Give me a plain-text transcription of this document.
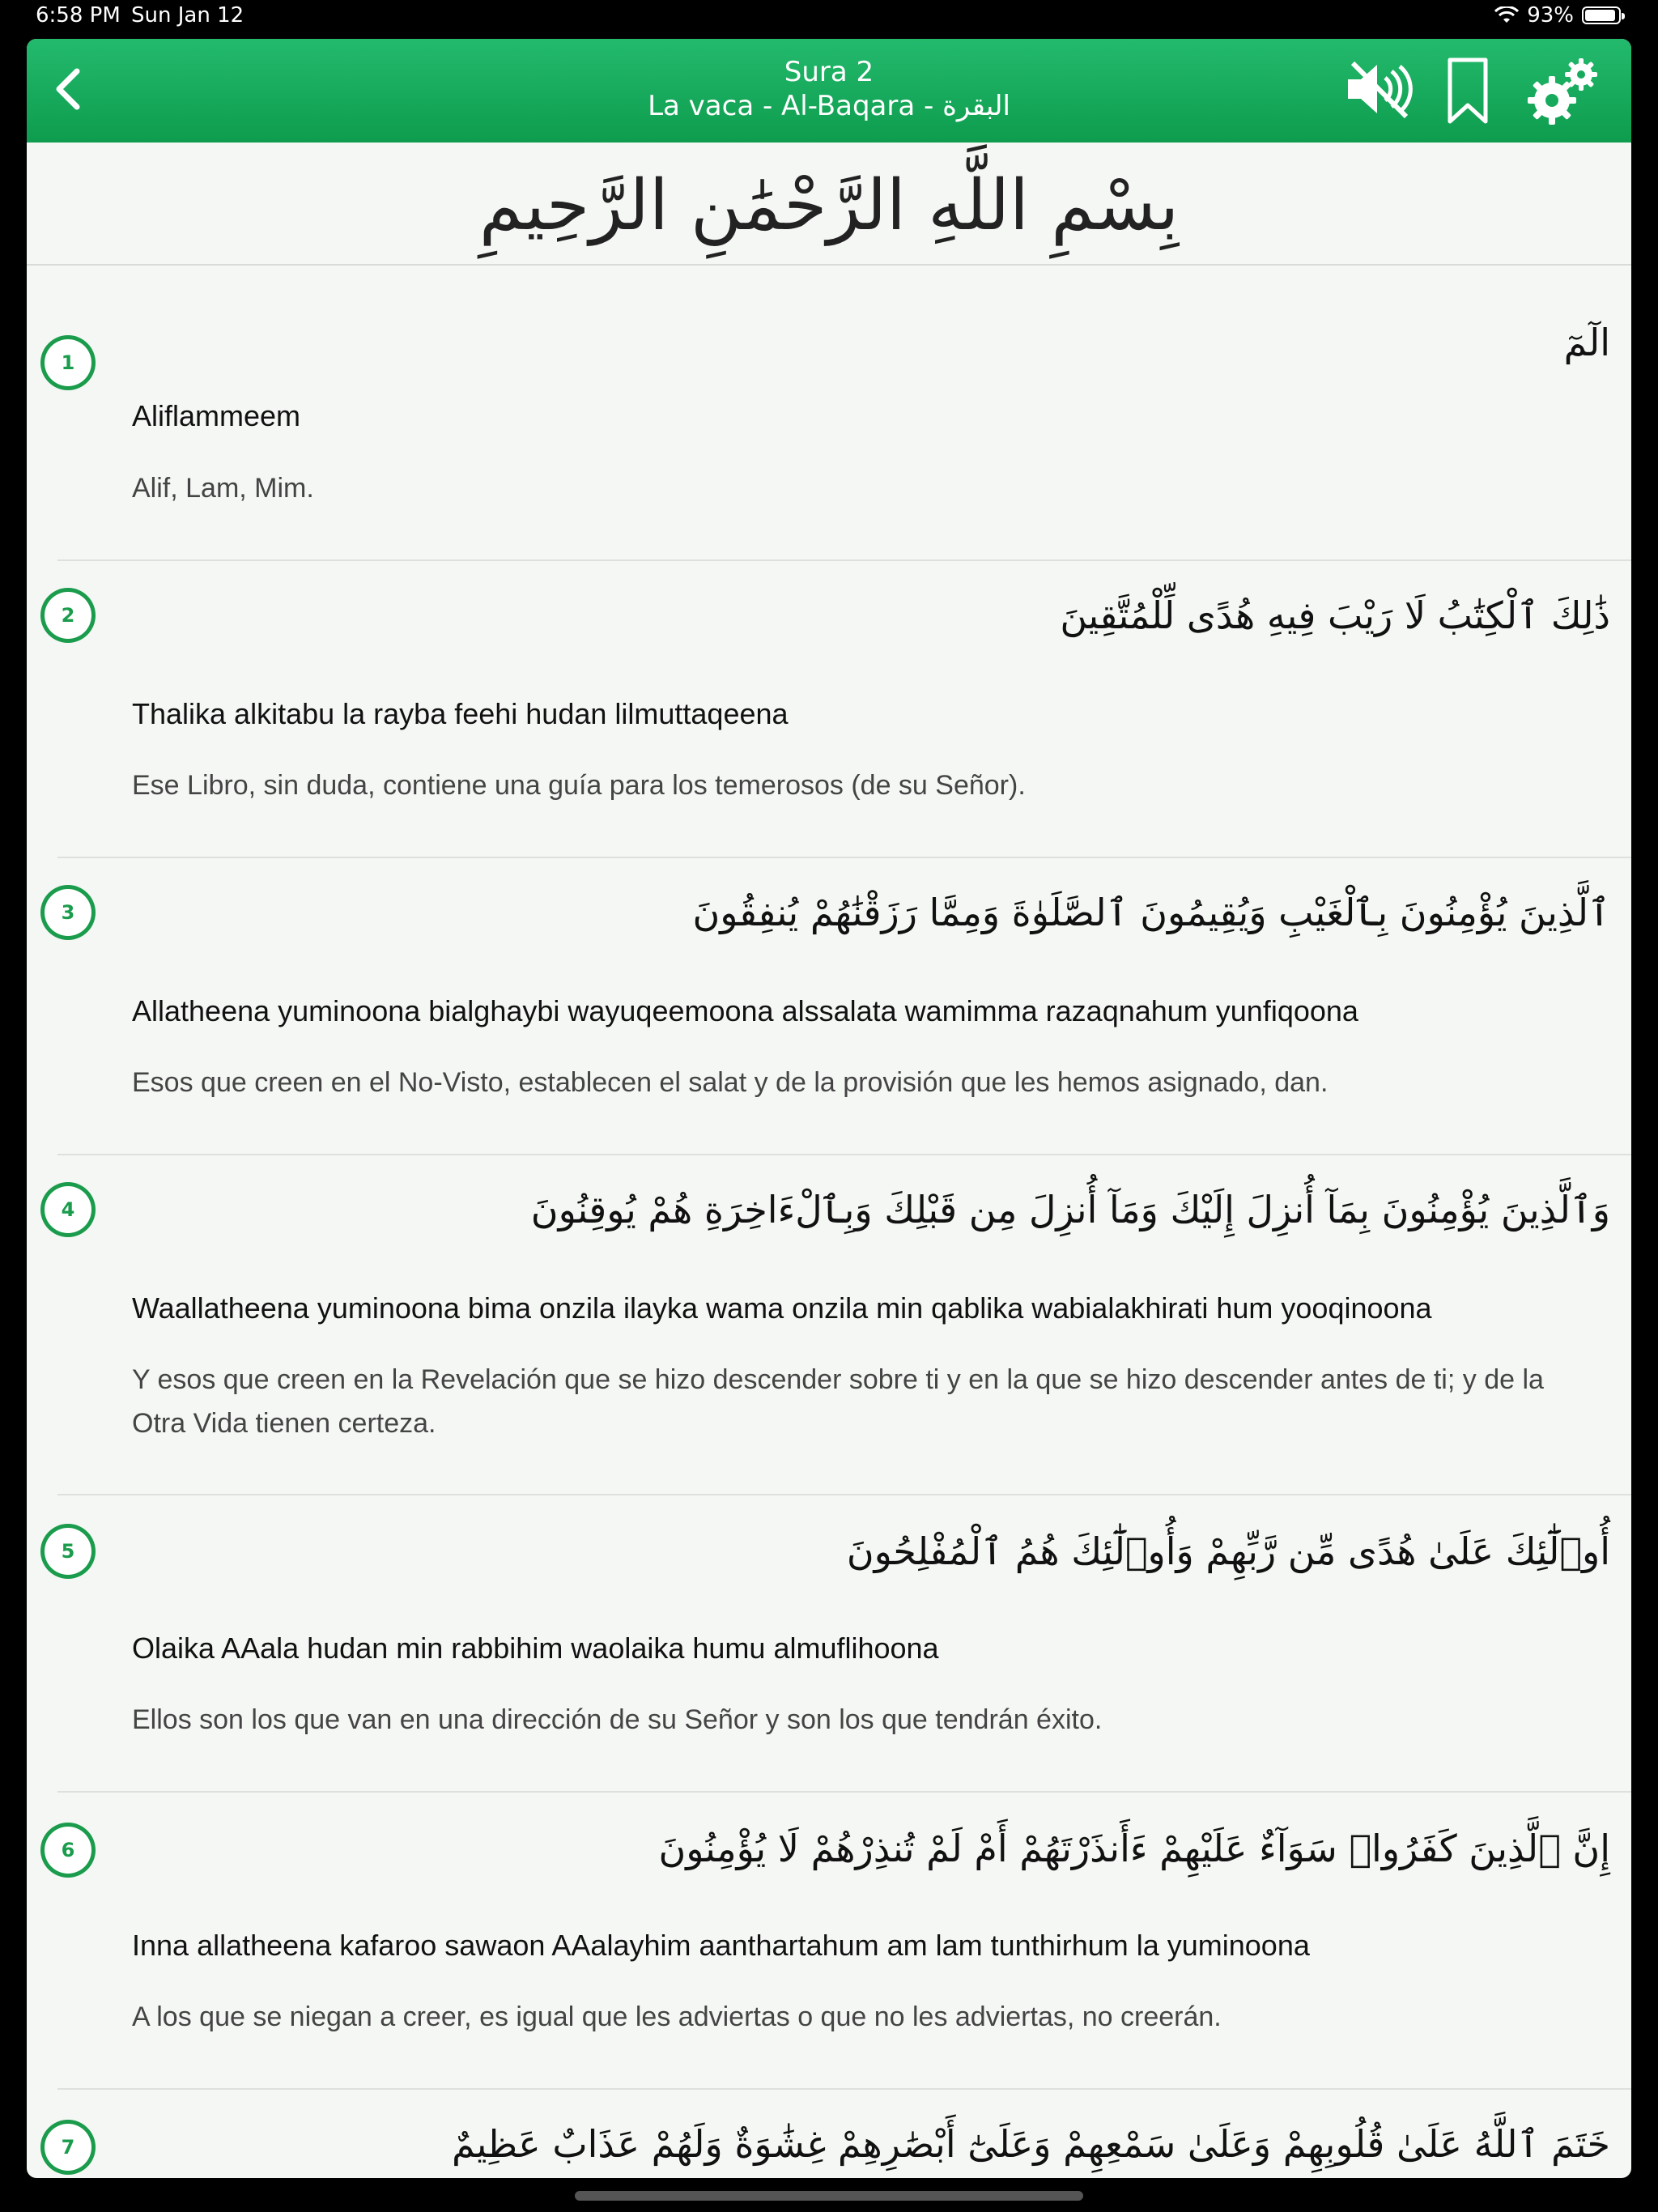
6:58 PM Sun Jan 12	93%
Sura 2
La vaca - Al-Baqara - البقرة
بِسْمِ اللَّهِ الرَّحْمَٰنِ الرَّحِيمِ
1	الٓمٓ
Aliflammeem
Alif, Lam, Mim.
2	ذَٰلِكَ ٱلْكِتَٰبُ لَا رَيْبَ فِيهِ هُدًى لِّلْمُتَّقِينَ
Thalika alkitabu la rayba feehi hudan lilmuttaqeena
Ese Libro, sin duda, contiene una guía para los temerosos (de su Señor).
3	ٱلَّذِينَ يُؤْمِنُونَ بِٱلْغَيْبِ وَيُقِيمُونَ ٱلصَّلَوٰةَ وَمِمَّا رَزَقْنَٰهُمْ يُنفِقُونَ
Allatheena yuminoona bialghaybi wayuqeemoona alssalata wamimma razaqnahum yunfiqoona
Esos que creen en el No-Visto, establecen el salat y de la provisión que les hemos asignado, dan.
4	وَٱلَّذِينَ يُؤْمِنُونَ بِمَآ أُنزِلَ إِلَيْكَ وَمَآ أُنزِلَ مِن قَبْلِكَ وَبِٱلْءَاخِرَةِ هُمْ يُوقِنُونَ
Waallatheena yuminoona bima onzila ilayka wama onzila min qablika wabialakhirati hum yooqinoona
Y esos que creen en la Revelación que se hizo descender sobre ti y en la que se hizo descender antes de ti; y de la Otra Vida tienen certeza.
5	أُو۟لَٰٓئِكَ عَلَىٰ هُدًى مِّن رَّبِّهِمْ وَأُو۟لَٰٓئِكَ هُمُ ٱلْمُفْلِحُونَ
Olaika AAala hudan min rabbihim waolaika humu almuflihoona
Ellos son los que van en una dirección de su Señor y son los que tendrán éxito.
6	إِنَّ ٱلَّذِينَ كَفَرُوا۟ سَوَآءٌ عَلَيْهِمْ ءَأَنذَرْتَهُمْ أَمْ لَمْ تُنذِرْهُمْ لَا يُؤْمِنُونَ
Inna allatheena kafaroo sawaon AAalayhim aanthartahum am lam tunthirhum la yuminoona
A los que se niegan a creer, es igual que les adviertas o que no les adviertas, no creerán.
7	خَتَمَ ٱللَّهُ عَلَىٰ قُلُوبِهِمْ وَعَلَىٰ سَمْعِهِمْ وَعَلَىٰٓ أَبْصَٰرِهِمْ غِشَٰوَةٌ وَلَهُمْ عَذَابٌ عَظِيمٌ
